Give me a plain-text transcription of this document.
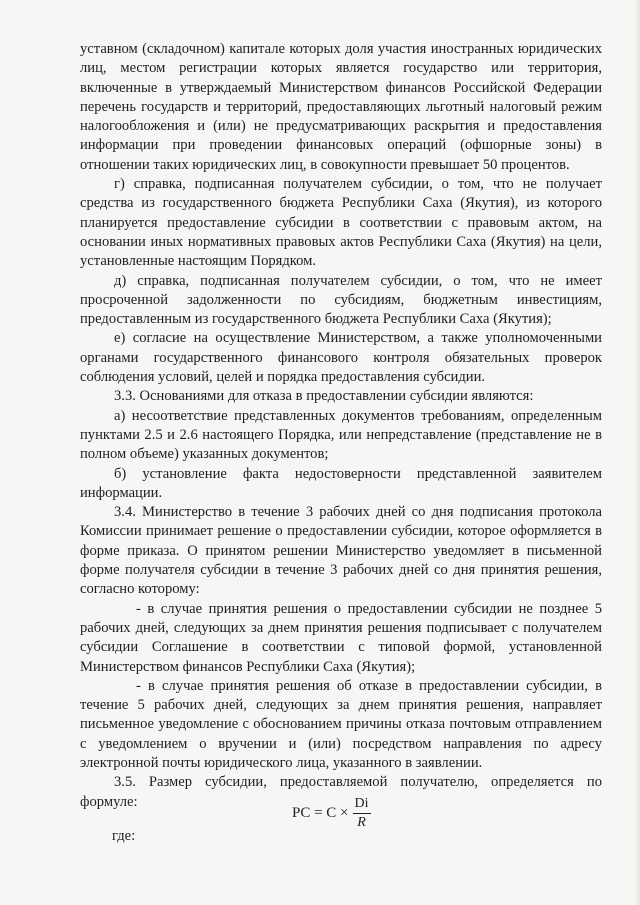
уставном (складочном) капитале которых доля участия иностранных юридических лиц, местом регистрации которых является государство или территория, включенные в утверждаемый Министерством финансов Российской Федерации перечень государств и территорий, предоставляющих льготный налоговый режим налогообложения и (или) не предусматривающих раскрытия и предоставления информации при проведении финансовых операций (офшорные зоны) в отношении таких юридических лиц, в совокупности превышает 50 процентов.

г) справка, подписанная получателем субсидии, о том, что не получает средства из государственного бюджета Республики Саха (Якутия), из которого планируется предоставление субсидии в соответствии с правовым актом, на основании иных нормативных правовых актов Республики Саха (Якутия) на цели, установленные настоящим Порядком.

д) справка, подписанная получателем субсидии, о том, что не имеет просроченной задолженности по субсидиям, бюджетным инвестициям, предоставленным из государственного бюджета Республики Саха (Якутия);

е) согласие на осуществление Министерством, а также уполномоченными органами государственного финансового контроля обязательных проверок соблюдения условий, целей и порядка предоставления субсидии.

3.3. Основаниями для отказа в предоставлении субсидии являются:

а) несоответствие представленных документов требованиям, определенным пунктами 2.5 и 2.6 настоящего Порядка, или непредставление (представление не в полном объеме) указанных документов;

б) установление факта недостоверности представленной заявителем информации.

3.4. Министерство в течение 3 рабочих дней со дня подписания протокола Комиссии принимает решение о предоставлении субсидии, которое оформляется в форме приказа. О принятом решении Министерство уведомляет в письменной форме получателя субсидии в течение 3 рабочих дней со дня принятия решения, согласно которому:

- в случае принятия решения о предоставлении субсидии не позднее 5 рабочих дней, следующих за днем принятия решения подписывает с получателем субсидии Соглашение в соответствии с типовой формой, установленной Министерством финансов Республики Саха (Якутия);

- в случае принятия решения об отказе в предоставлении субсидии, в течение 5 рабочих дней, следующих за днем принятия решения, направляет письменное уведомление с обоснованием причины отказа почтовым отправлением с уведомлением о вручении и (или) посредством направления по адресу электронной почты юридического лица, указанного в заявлении.

3.5. Размер субсидии, предоставляемой получателю, определяется по формуле:

PC = $C \times \frac{Di}{R}$
где:
